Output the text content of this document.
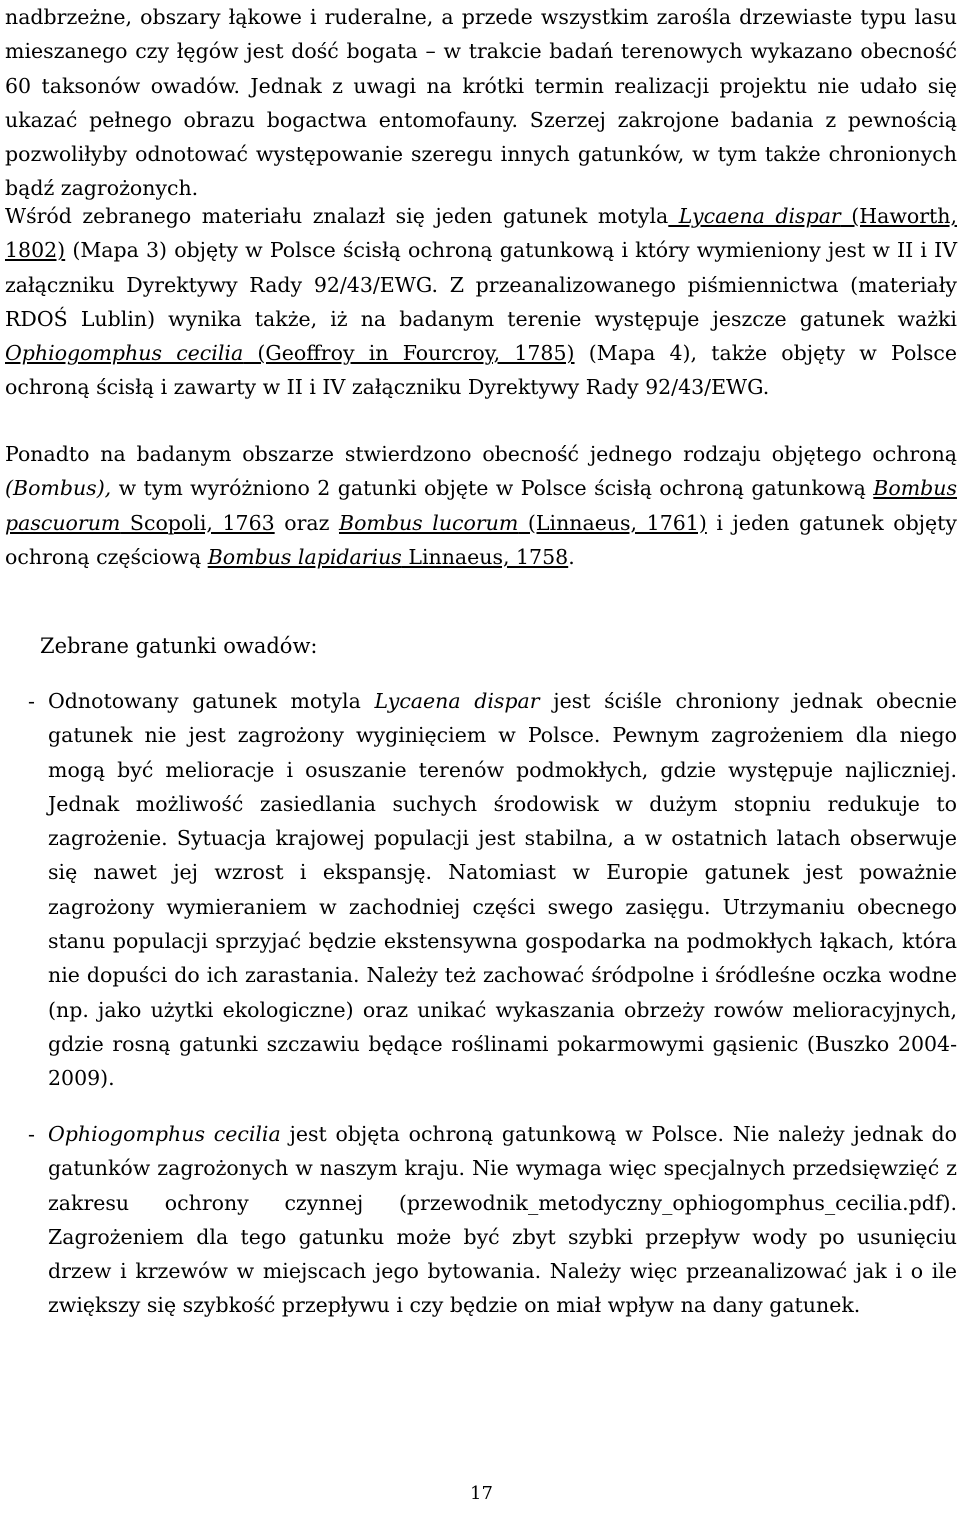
nadbrzeżne, obszary łąkowe i ruderalne, a przede wszystkim zarośla drzewiaste typu lasu mieszanego czy łęgów jest dość bogata – w trakcie badań terenowych wykazano obecność 60 taksonów owadów. Jednak z uwagi na krótki termin realizacji projektu nie udało się ukazać pełnego obrazu bogactwa entomofauny. Szerzej zakrojone badania z pewnością pozwoliłyby odnotować występowanie szeregu innych gatunków, w tym także chronionych bądź zagrożonych.

Wśród zebranego materiału znalazł się jeden gatunek motyla Lycaena dispar (Haworth, 1802) (Mapa 3) objęty w Polsce ścisłą ochroną gatunkową i który wymieniony jest w II i IV załączniku Dyrektywy Rady 92/43/EWG. Z przeanalizowanego piśmiennictwa (materiały RDOŚ Lublin) wynika także, iż na badanym terenie występuje jeszcze gatunek ważki Ophiogomphus cecilia (Geoffroy in Fourcroy, 1785) (Mapa 4), także objęty w Polsce ochroną ścisłą i zawarty w II i IV załączniku Dyrektywy Rady 92/43/EWG.

Ponadto na badanym obszarze stwierdzono obecność jednego rodzaju objętego ochroną (Bombus), w tym wyróżniono 2 gatunki objęte w Polsce ścisłą ochroną gatunkową Bombus pascuorum Scopoli, 1763 oraz Bombus lucorum (Linnaeus, 1761) i jeden gatunek objęty ochroną częściową Bombus lapidarius Linnaeus, 1758.

Zebrane gatunki owadów:

- Odnotowany gatunek motyla Lycaena dispar jest ściśle chroniony jednak obecnie gatunek nie jest zagrożony wyginięciem w Polsce. Pewnym zagrożeniem dla niego mogą być melioracje i osuszanie terenów podmokłych, gdzie występuje najliczniej. Jednak możliwość zasiedlania suchych środowisk w dużym stopniu redukuje to zagrożenie. Sytuacja krajowej populacji jest stabilna, a w ostatnich latach obserwuje się nawet jej wzrost i ekspansję. Natomiast w Europie gatunek jest poważnie zagrożony wymieraniem w zachodniej części swego zasięgu. Utrzymaniu obecnego stanu populacji sprzyjać będzie ekstensywna gospodarka na podmokłych łąkach, która nie dopuści do ich zarastania. Należy też zachować śródpolne i śródleśne oczka wodne (np. jako użytki ekologiczne) oraz unikać wykaszania obrzeży rowów melioracyjnych, gdzie rosną gatunki szczawiu będące roślinami pokarmowymi gąsienic (Buszko 2004-2009).
- Ophiogomphus cecilia jest objęta ochroną gatunkową w Polsce. Nie należy jednak do gatunków zagrożonych w naszym kraju. Nie wymaga więc specjalnych przedsięwzięć z zakresu ochrony czynnej (przewodnik_metodyczny_ophiogomphus_cecilia.pdf). Zagrożeniem dla tego gatunku może być zbyt szybki przepływ wody po usunięciu drzew i krzewów w miejscach jego bytowania. Należy więc przeanalizować jak i o ile zwiększy się szybkość przepływu i czy będzie on miał wpływ na dany gatunek.

17
